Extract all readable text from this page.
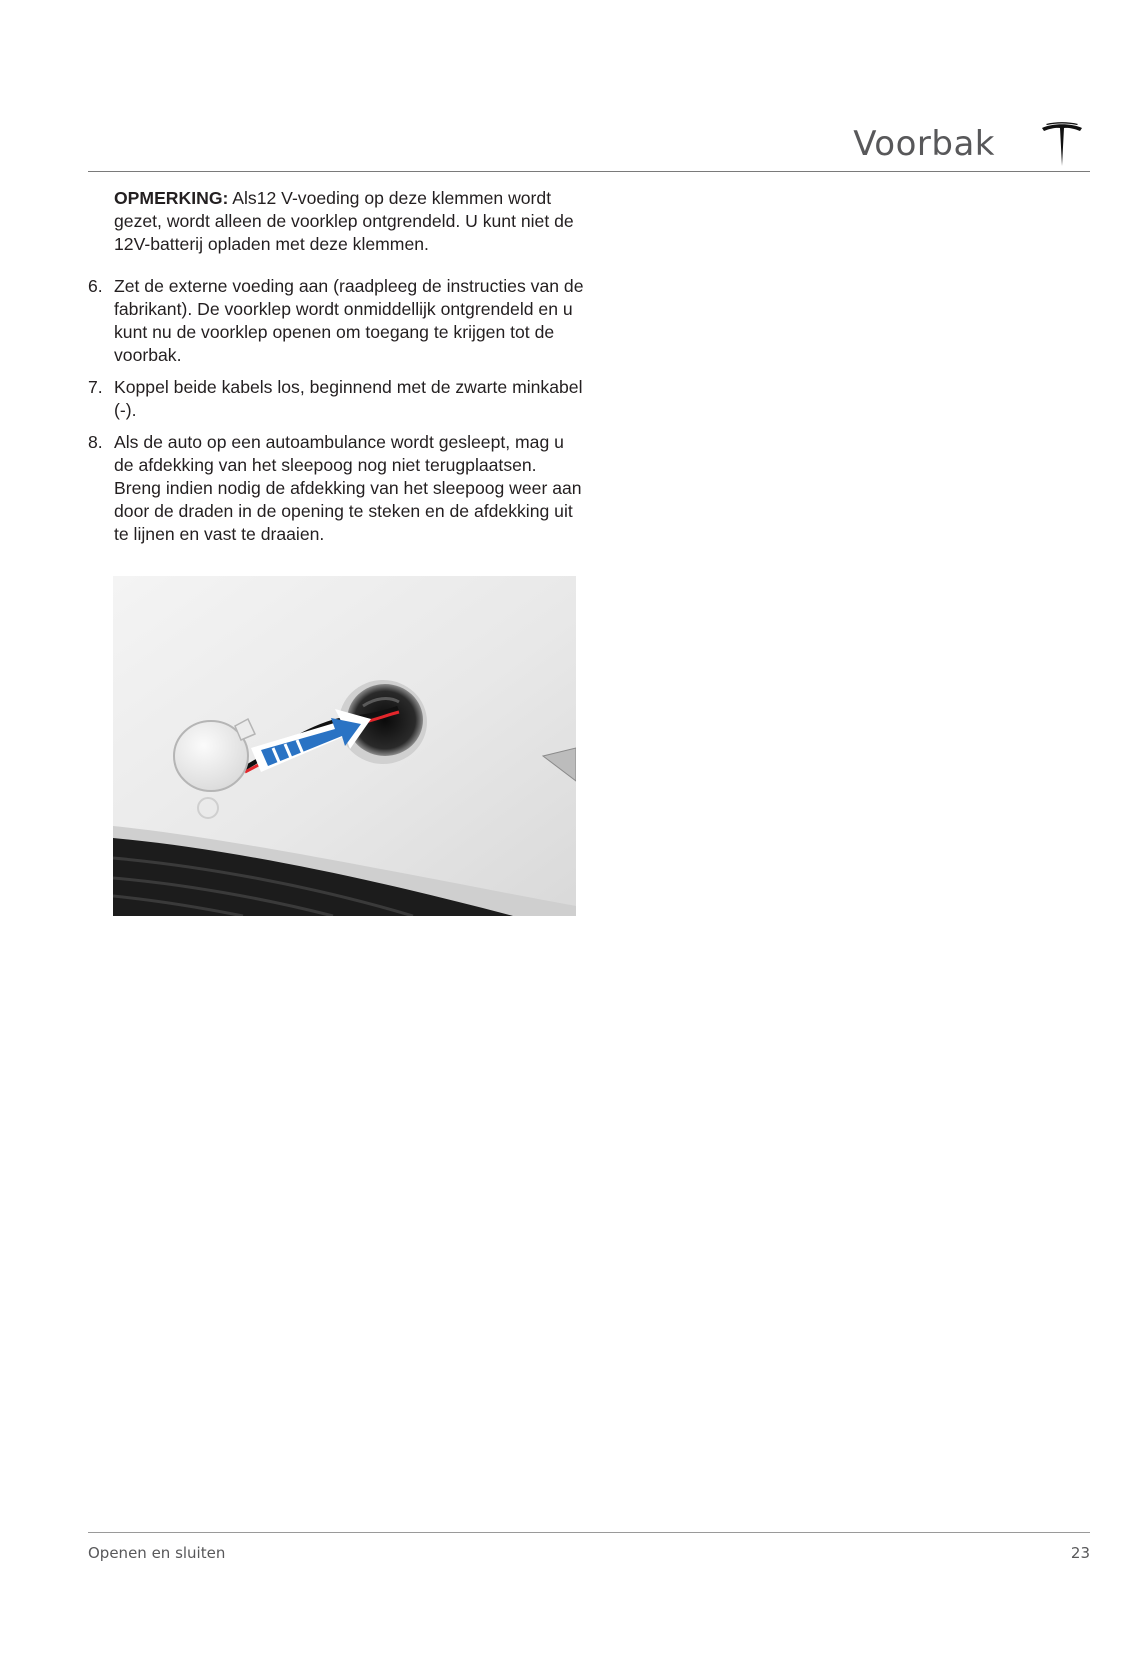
Voorbak

OPMERKING: Als12 V-voeding op deze klemmen wordt gezet, wordt alleen de voorklep ontgrendeld. U kunt niet de 12V-batterij opladen met deze klemmen.

6. Zet de externe voeding aan (raadpleeg de instructies van de fabrikant). De voorklep wordt onmiddellijk ontgrendeld en u kunt nu de voorklep openen om toegang te krijgen tot de voorbak.
7. Koppel beide kabels los, beginnend met de zwarte minkabel (-).
8. Als de auto op een autoambulance wordt gesleept, mag u de afdekking van het sleepoog nog niet terugplaatsen. Breng indien nodig de afdekking van het sleepoog weer aan door de draden in de opening te steken en de afdekking uit te lijnen en vast te draaien.
Openen en sluiten	23
